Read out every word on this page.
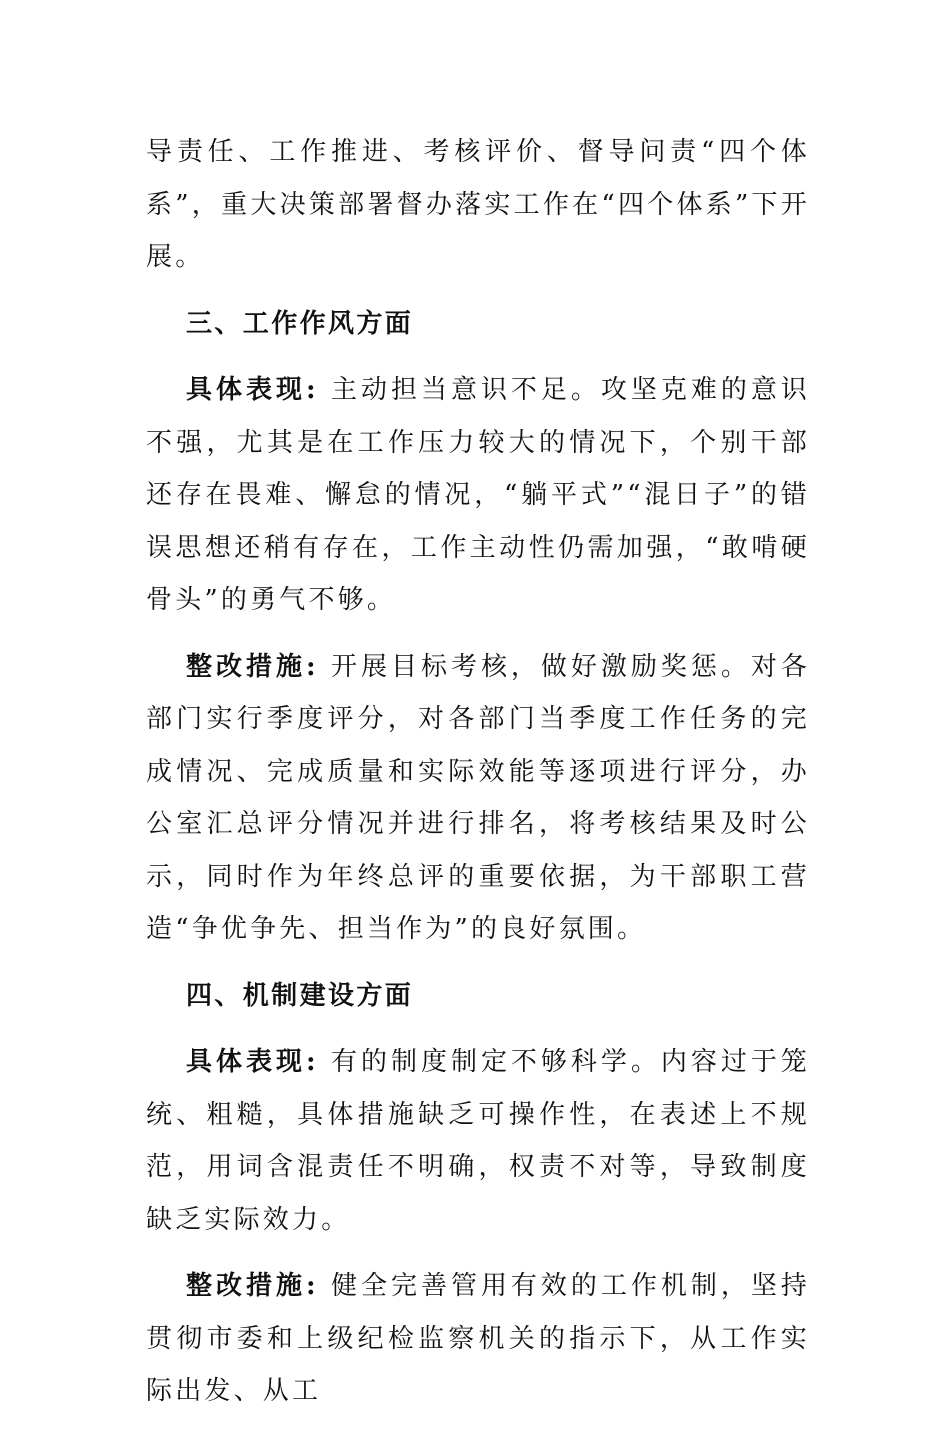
导责任、工作推进、考核评价、督导问责“四个体系”，重大决策部署督办落实工作在“四个体系”下开展。

三、工作作风方面

具体表现: 主动担当意识不足。攻坚克难的意识不强，尤其是在工作压力较大的情况下，个别干部还存在畏难、懈怠的情况，“躺平式”“混日子”的错误思想还稍有存在，工作主动性仍需加强，“敢啃硬骨头”的勇气不够。

整改措施: 开展目标考核，做好激励奖惩。对各部门实行季度评分，对各部门当季度工作任务的完成情况、完成质量和实际效能等逐项进行评分，办公室汇总评分情况并进行排名，将考核结果及时公示，同时作为年终总评的重要依据，为干部职工营造“争优争先、担当作为”的良好氛围。

四、机制建设方面

具体表现: 有的制度制定不够科学。内容过于笼统、粗糙，具体措施缺乏可操作性，在表述上不规范，用词含混责任不明确，权责不对等，导致制度缺乏实际效力。

整改措施: 健全完善管用有效的工作机制，坚持贯彻市委和上级纪检监察机关的指示下，从工作实际出发、从工
